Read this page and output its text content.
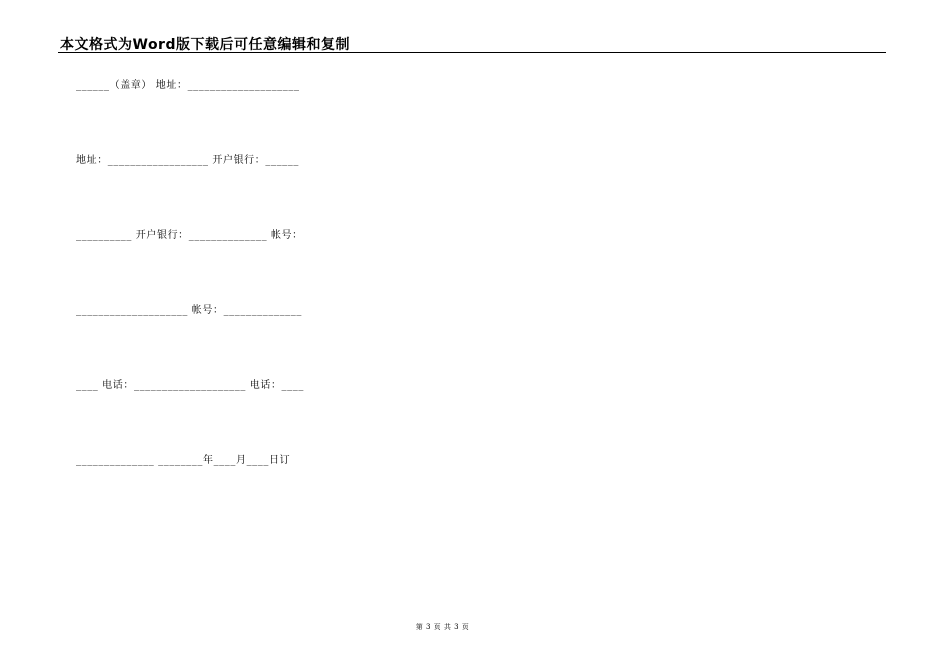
本文格式为Word版下载后可任意编辑和复制
______（盖章） 地址：____________________
地址：__________________ 开户银行：______
__________ 开户银行：______________ 帐号：
____________________ 帐号：______________
____ 电话：____________________ 电话：____
______________ ________年____月____日订
第 3 页 共 3 页
